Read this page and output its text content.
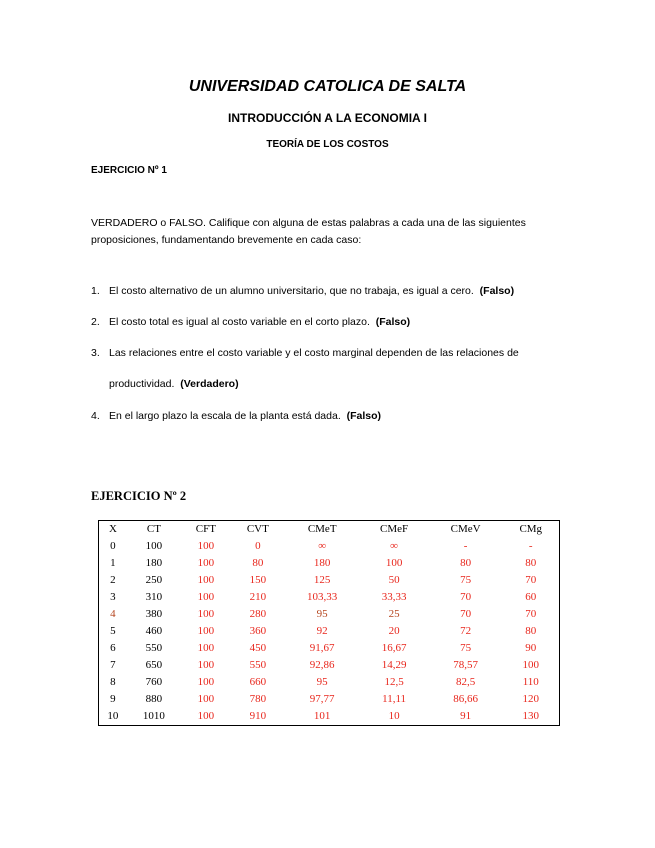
UNIVERSIDAD CATOLICA DE SALTA
INTRODUCCIÓN A LA ECONOMIA I
TEORÍA DE LOS COSTOS
EJERCICIO Nº 1
VERDADERO o FALSO. Califique con alguna de estas palabras a cada una de las siguientes proposiciones, fundamentando brevemente en cada caso:
1. El costo alternativo de un alumno universitario, que no trabaja, es igual a cero. (Falso)
2. El costo total es igual al costo variable en el corto plazo. (Falso)
3. Las relaciones entre el costo variable y el costo marginal dependen de las relaciones de
productividad. (Verdadero)
4. En el largo plazo la escala de la planta está dada. (Falso)
EJERCICIO Nº 2
X	CT	CFT	CVT	CMeT	CMeF	CMeV	CMg
0	100	100	0	∞	∞	-	-
1	180	100	80	180	100	80	80
2	250	100	150	125	50	75	70
3	310	100	210	103,33	33,33	70	60
4	380	100	280	95	25	70	70
5	460	100	360	92	20	72	80
6	550	100	450	91,67	16,67	75	90
7	650	100	550	92,86	14,29	78,57	100
8	760	100	660	95	12,5	82,5	110
9	880	100	780	97,77	11,11	86,66	120
10	1010	100	910	101	10	91	130
